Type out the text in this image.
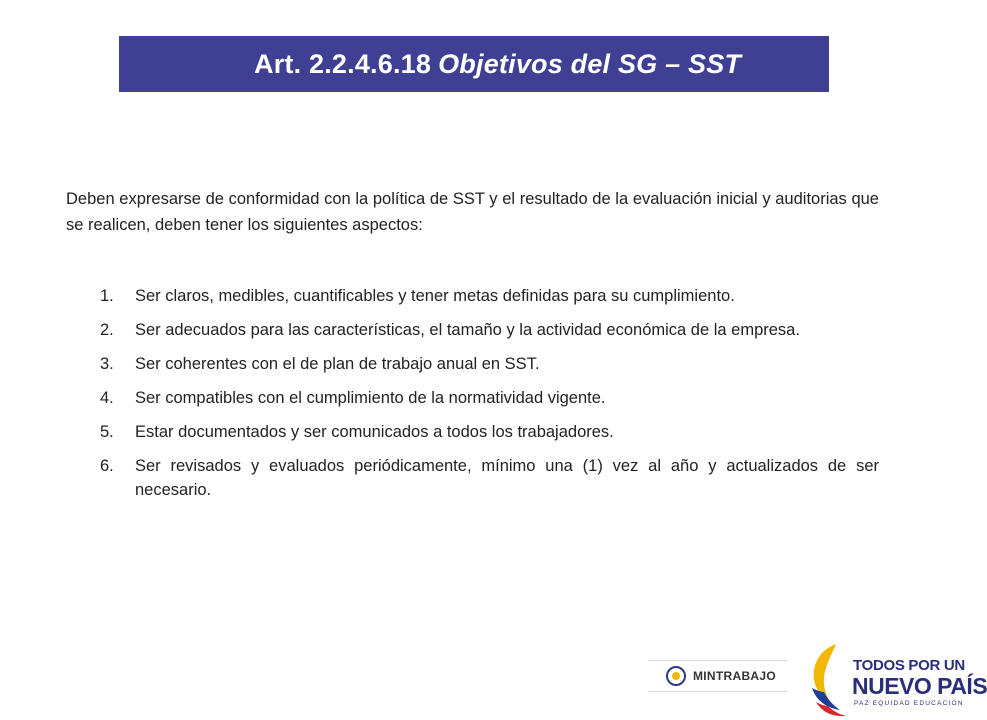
Art. 2.2.4.6.18 Objetivos del SG – SST

Deben expresarse de conformidad con la política de SST y el resultado de la evaluación inicial y auditorias que se realicen, deben tener los siguientes aspectos:

1. Ser claros, medibles, cuantificables y tener metas definidas para su cumplimiento.
2. Ser adecuados para las características, el tamaño y la actividad económica de la empresa.
3. Ser coherentes con el de plan de trabajo anual en SST.
4. Ser compatibles con el cumplimiento de la normatividad vigente.
5. Estar documentados y ser comunicados a todos los trabajadores.
6. Ser revisados y evaluados periódicamente, mínimo una (1) vez al año y actualizados de ser necesario.
MINTRABAJO
TODOS POR UN
NUEVO PAÍS
PAZ EQUIDAD EDUCACIÓN
